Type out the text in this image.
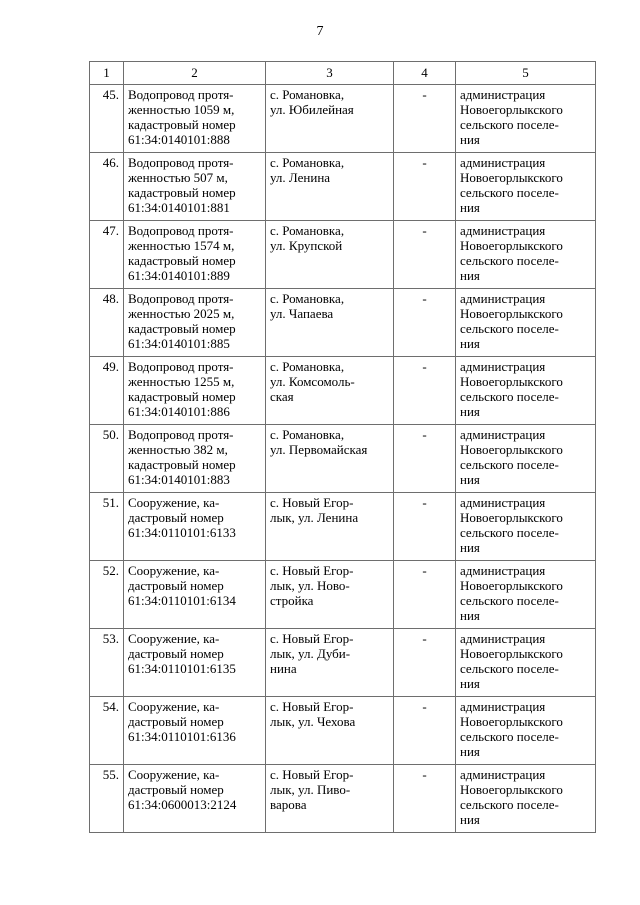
7
1	2	3	4	5
45.	Водопровод протя-
женностью 1059 м,
кадастровый номер
61:34:0140101:888	с. Романовка,
ул. Юбилейная	-	администрация
Новоегорлыкского
сельского поселе-
ния
46.	Водопровод протя-
женностью 507 м,
кадастровый номер
61:34:0140101:881	с. Романовка,
ул. Ленина	-	администрация
Новоегорлыкского
сельского поселе-
ния
47.	Водопровод протя-
женностью 1574 м,
кадастровый номер
61:34:0140101:889	с. Романовка,
ул. Крупской	-	администрация
Новоегорлыкского
сельского поселе-
ния
48.	Водопровод протя-
женностью 2025 м,
кадастровый номер
61:34:0140101:885	с. Романовка,
ул. Чапаева	-	администрация
Новоегорлыкского
сельского поселе-
ния
49.	Водопровод протя-
женностью 1255 м,
кадастровый номер
61:34:0140101:886	с. Романовка,
ул. Комсомоль-
ская	-	администрация
Новоегорлыкского
сельского поселе-
ния
50.	Водопровод протя-
женностью 382 м,
кадастровый номер
61:34:0140101:883	с. Романовка,
ул. Первомайская	-	администрация
Новоегорлыкского
сельского поселе-
ния
51.	Сооружение, ка-
дастровый номер
61:34:0110101:6133	с. Новый Егор-
лык, ул. Ленина	-	администрация
Новоегорлыкского
сельского поселе-
ния
52.	Сооружение, ка-
дастровый номер
61:34:0110101:6134	с. Новый Егор-
лык, ул. Ново-
стройка	-	администрация
Новоегорлыкского
сельского поселе-
ния
53.	Сооружение, ка-
дастровый номер
61:34:0110101:6135	с. Новый Егор-
лык, ул. Дуби-
нина	-	администрация
Новоегорлыкского
сельского поселе-
ния
54.	Сооружение, ка-
дастровый номер
61:34:0110101:6136	с. Новый Егор-
лык, ул. Чехова	-	администрация
Новоегорлыкского
сельского поселе-
ния
55.	Сооружение, ка-
дастровый номер
61:34:0600013:2124	с. Новый Егор-
лык, ул. Пиво-
варова	-	администрация
Новоегорлыкского
сельского поселе-
ния
